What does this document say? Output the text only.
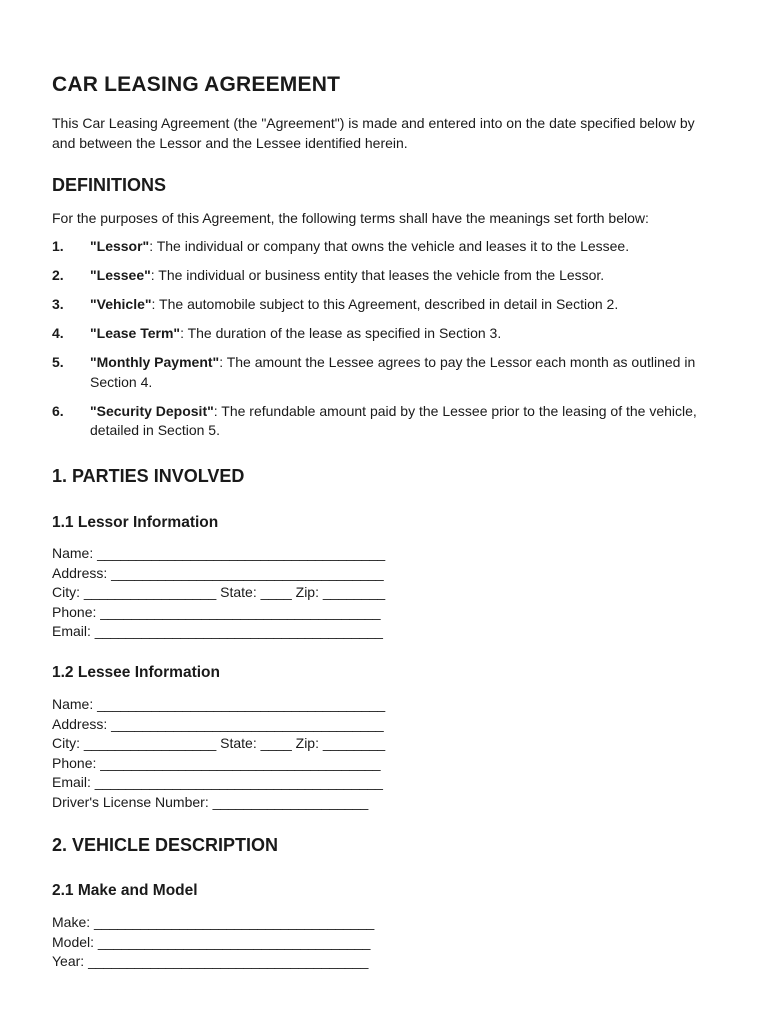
CAR LEASING AGREEMENT

This Car Leasing Agreement (the "Agreement") is made and entered into on the date specified below by and between the Lessor and the Lessee identified herein.

DEFINITIONS

For the purposes of this Agreement, the following terms shall have the meanings set forth below:

1.	"Lessor": The individual or company that owns the vehicle and leases it to the Lessee.
2.	"Lessee": The individual or business entity that leases the vehicle from the Lessor.
3.	"Vehicle": The automobile subject to this Agreement, described in detail in Section 2.
4.	"Lease Term": The duration of the lease as specified in Section 3.
5.	"Monthly Payment": The amount the Lessee agrees to pay the Lessor each month as outlined in Section 4.
6.	"Security Deposit": The refundable amount paid by the Lessee prior to the leasing of the vehicle, detailed in Section 5.
1. PARTIES INVOLVED
1.1 Lessor Information
Name: _____________________________________
Address: ___________________________________
City: _________________ State: ____ Zip: ________
Phone: ____________________________________
Email: _____________________________________
1.2 Lessee Information
Name: _____________________________________
Address: ___________________________________
City: _________________ State: ____ Zip: ________
Phone: ____________________________________
Email: _____________________________________
Driver's License Number: ____________________
2. VEHICLE DESCRIPTION
2.1 Make and Model
Make: ____________________________________
Model: ___________________________________
Year: ____________________________________
